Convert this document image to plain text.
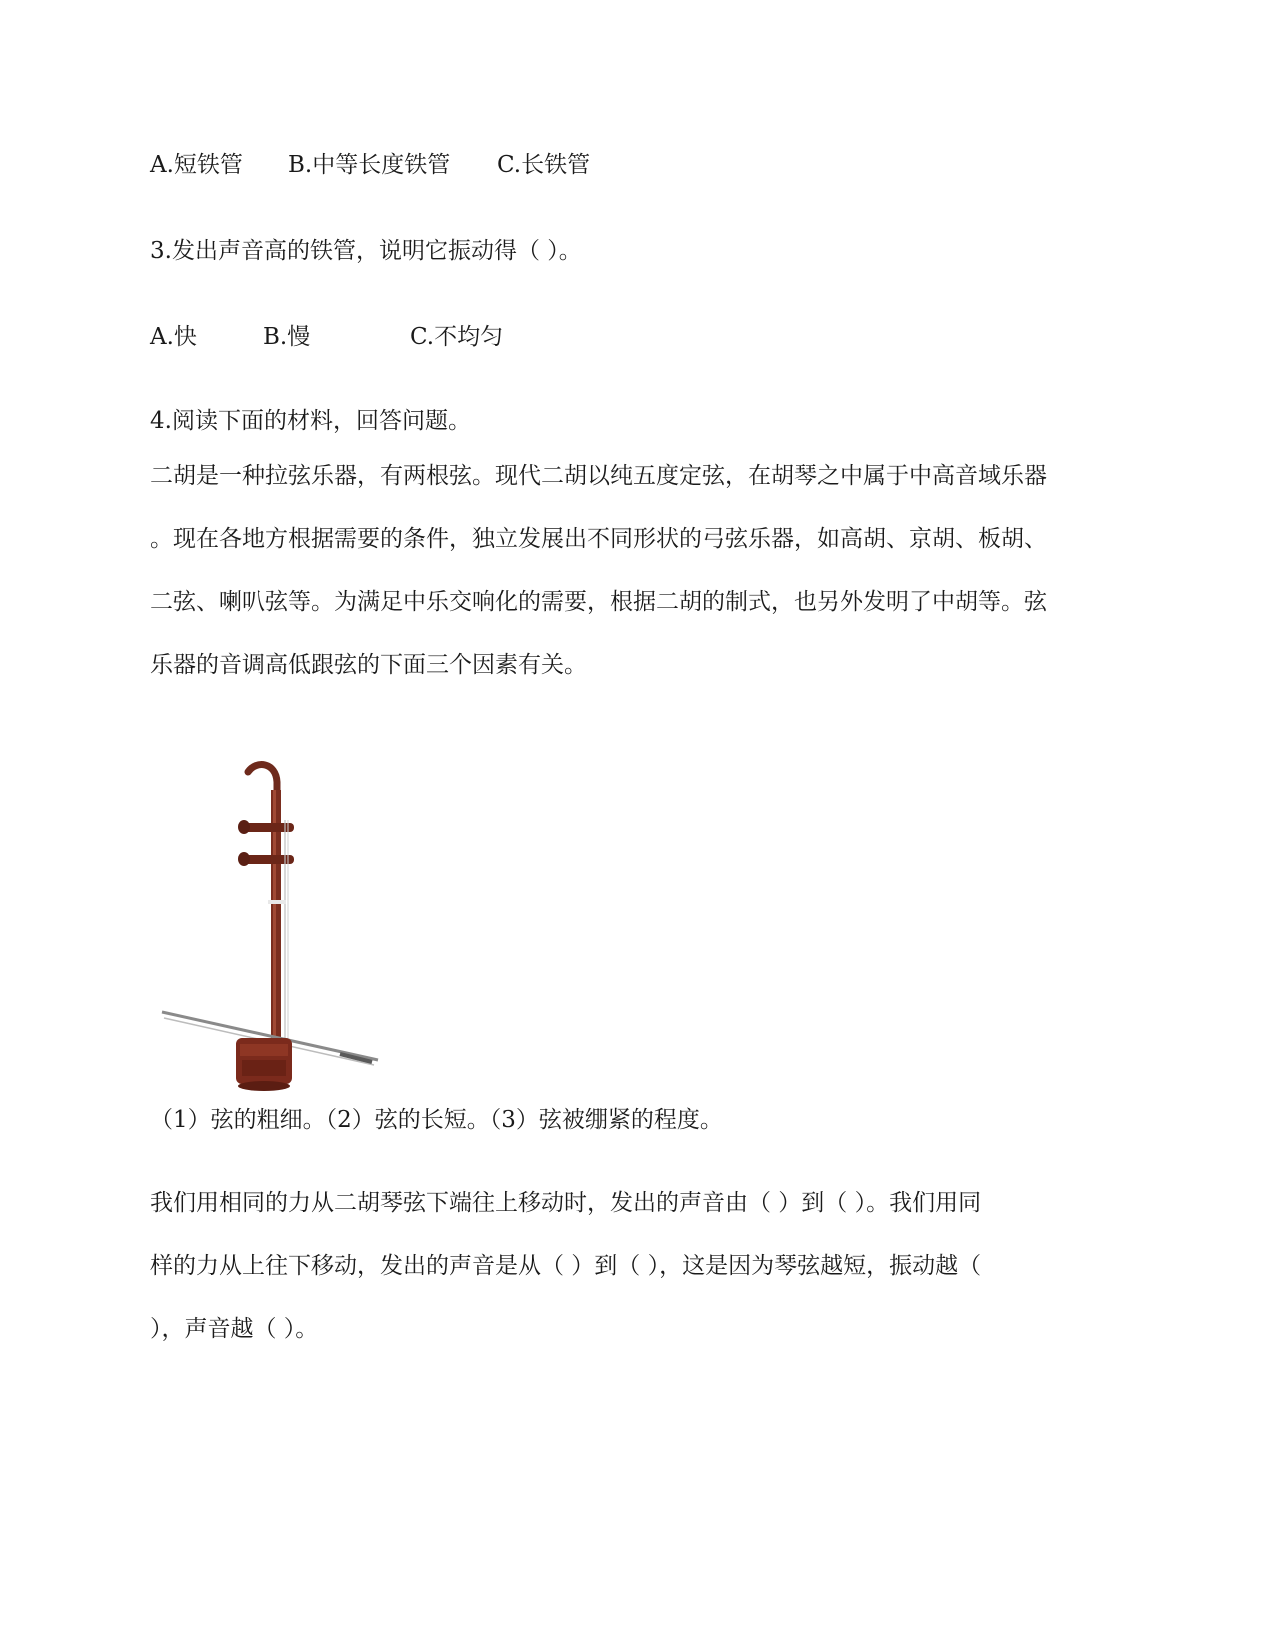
A.短铁管 B.中等长度铁管 C.长铁管
3.发出声音高的铁管，说明它振动得（ ）。
A.快	B.慢	C.不均匀
4.阅读下面的材料，回答问题。
二胡是一种拉弦乐器，有两根弦。现代二胡以纯五度定弦，在胡琴之中属于中高音域乐器
。现在各地方根据需要的条件，独立发展出不同形状的弓弦乐器，如高胡、京胡、板胡、
二弦、喇叭弦等。为满足中乐交响化的需要，根据二胡的制式，也另外发明了中胡等。弦
乐器的音调高低跟弦的下面三个因素有关。
（1）弦的粗细。（2）弦的长短。（3）弦被绷紧的程度。
我们用相同的力从二胡琴弦下端往上移动时，发出的声音由（ ）到（ ）。我们用同
样的力从上往下移动，发出的声音是从（ ）到（ ），这是因为琴弦越短，振动越（
），声音越（ ）。
